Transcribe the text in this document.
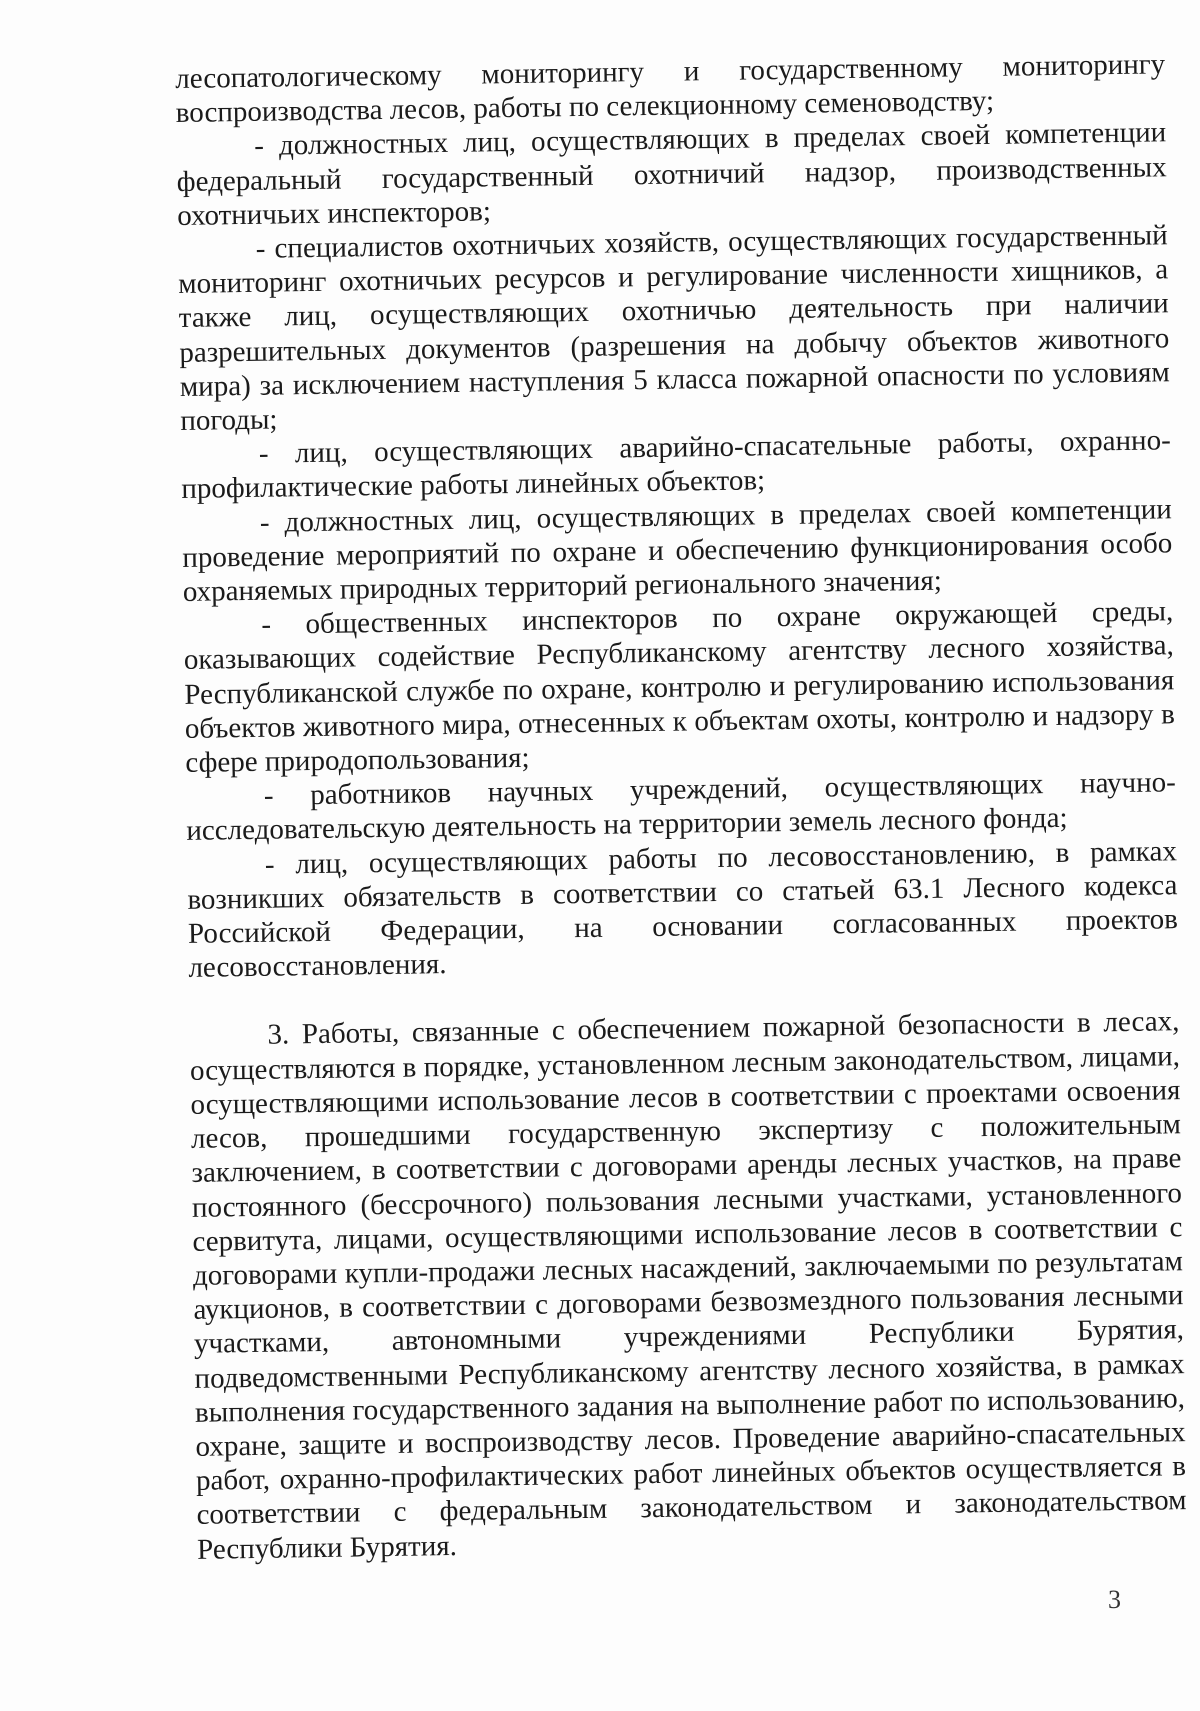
лесопатологическому мониторингу и государственному мониторингу воспроизводства лесов, работы по селекционному семеноводству;

- должностных лиц, осуществляющих в пределах своей компетенции федеральный государственный охотничий надзор, производственных охотничьих инспекторов;

- специалистов охотничьих хозяйств, осуществляющих государственный мониторинг охотничьих ресурсов и регулирование численности хищников, а также лиц, осуществляющих охотничью деятельность при наличии разрешительных документов (разрешения на добычу объектов животного мира) за исключением наступления 5 класса пожарной опасности по условиям погоды;

- лиц, осуществляющих аварийно-спасательные работы, охранно-профилактические работы линейных объектов;

- должностных лиц, осуществляющих в пределах своей компетенции проведение мероприятий по охране и обеспечению функционирования особо охраняемых природных территорий регионального значения;

- общественных инспекторов по охране окружающей среды, оказывающих содействие Республиканскому агентству лесного хозяйства, Республиканской службе по охране, контролю и регулированию использования объектов животного мира, отнесенных к объектам охоты, контролю и надзору в сфере природопользования;

- работников научных учреждений, осуществляющих научно-исследовательскую деятельность на территории земель лесного фонда;

- лиц, осуществляющих работы по лесовосстановлению, в рамках возникших обязательств в соответствии со статьей 63.1 Лесного кодекса Российской Федерации, на основании согласованных проектов лесовосстановления.

3. Работы, связанные с обеспечением пожарной безопасности в лесах, осуществляются в порядке, установленном лесным законодательством, лицами, осуществляющими использование лесов в соответствии с проектами освоения лесов, прошедшими государственную экспертизу с положительным заключением, в соответствии с договорами аренды лесных участков, на праве постоянного (бессрочного) пользования лесными участками, установленного сервитута, лицами, осуществляющими использование лесов в соответствии с договорами купли-продажи лесных насаждений, заключаемыми по результатам аукционов, в соответствии с договорами безвозмездного пользования лесными участками, автономными учреждениями Республики Бурятия, подведомственными Республиканскому агентству лесного хозяйства, в рамках выполнения государственного задания на выполнение работ по использованию, охране, защите и воспроизводству лесов. Проведение аварийно-спасательных работ, охранно-профилактических работ линейных объектов осуществляется в соответствии с федеральным законодательством и законодательством Республики Бурятия.

3
